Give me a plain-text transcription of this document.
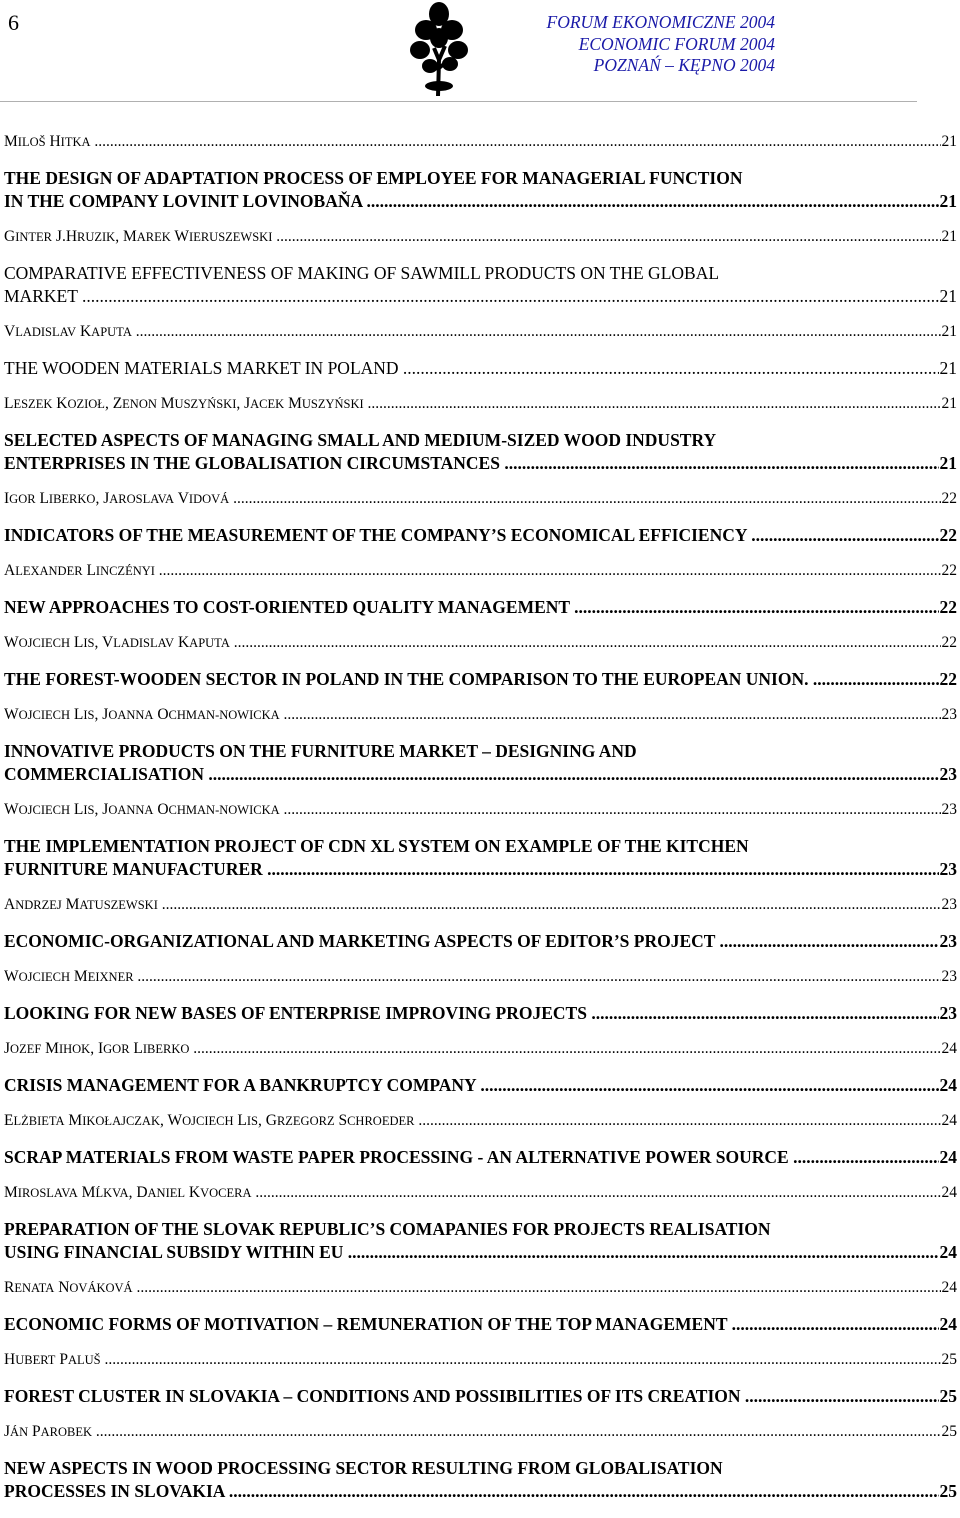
6	FORUM EKONOMICZNE 2004
ECONOMIC FORUM 2004
POZNAŃ – KĘPNO 2004
MILOŠ HITKA .....	21
THE DESIGN OF ADAPTATION PROCESS OF EMPLOYEE FOR MANAGERIAL FUNCTION
IN THE COMPANY LOVINIT LOVINOBAŇA .....	21
GINTER J.HRUZIK, MAREK WIERUSZEWSKI .....	21
COMPARATIVE EFFECTIVENESS OF MAKING OF SAWMILL PRODUCTS ON THE GLOBAL
MARKET .....	21
VLADISLAV KAPUTA .....	21
THE WOODEN MATERIALS MARKET IN POLAND .....	21
LESZEK KOZIOŁ, ZENON MUSZYŃSKI, JACEK MUSZYŃSKI .....	21
SELECTED ASPECTS OF MANAGING SMALL AND MEDIUM-SIZED WOOD INDUSTRY
ENTERPRISES IN THE GLOBALISATION CIRCUMSTANCES .....	21
IGOR LIBERKO, JAROSLAVA VIDOVÁ .....	22
INDICATORS OF THE MEASUREMENT OF THE COMPANY’S ECONOMICAL EFFICIENCY .....	22
ALEXANDER LINCZÉNYI .....	22
NEW APPROACHES TO COST-ORIENTED QUALITY MANAGEMENT .....	22
WOJCIECH LIS, VLADISLAV KAPUTA .....	22
THE FOREST-WOODEN SECTOR IN POLAND IN THE COMPARISON TO THE EUROPEAN UNION. .....	22
WOJCIECH LIS, JOANNA OCHMAN-NOWICKA .....	23
INNOVATIVE PRODUCTS ON THE FURNITURE MARKET – DESIGNING AND
COMMERCIALISATION .....	23
WOJCIECH LIS, JOANNA OCHMAN-NOWICKA .....	23
THE IMPLEMENTATION PROJECT OF CDN XL SYSTEM ON EXAMPLE OF THE KITCHEN
FURNITURE MANUFACTURER .....	23
ANDRZEJ MATUSZEWSKI .....	23
ECONOMIC-ORGANIZATIONAL AND MARKETING ASPECTS OF EDITOR’S PROJECT .....	23
WOJCIECH MEIXNER .....	23
LOOKING FOR NEW BASES OF ENTERPRISE IMPROVING PROJECTS .....	23
JOZEF MIHOK, IGOR LIBERKO .....	24
CRISIS MANAGEMENT FOR A BANKRUPTCY COMPANY .....	24
ELŻBIETA MIKOŁAJCZAK, WOJCIECH LIS, GRZEGORZ SCHROEDER .....	24
SCRAP MATERIALS FROM WASTE PAPER PROCESSING - AN ALTERNATIVE POWER SOURCE .....	24
MIROSLAVA MĹKVA, DANIEL KVOCERA .....	24
PREPARATION OF THE SLOVAK REPUBLIC’S COMAPANIES FOR PROJECTS REALISATION
USING FINANCIAL SUBSIDY WITHIN EU .....	24
RENATA NOVÁKOVÁ .....	24
ECONOMIC FORMS OF MOTIVATION – REMUNERATION OF THE TOP MANAGEMENT .....	24
HUBERT PALUŠ .....	25
FOREST CLUSTER IN SLOVAKIA – CONDITIONS AND POSSIBILITIES OF ITS CREATION .....	25
JÁN PAROBEK .....	25
NEW ASPECTS IN WOOD PROCESSING SECTOR RESULTING FROM GLOBALISATION
PROCESSES IN SLOVAKIA .....	25
